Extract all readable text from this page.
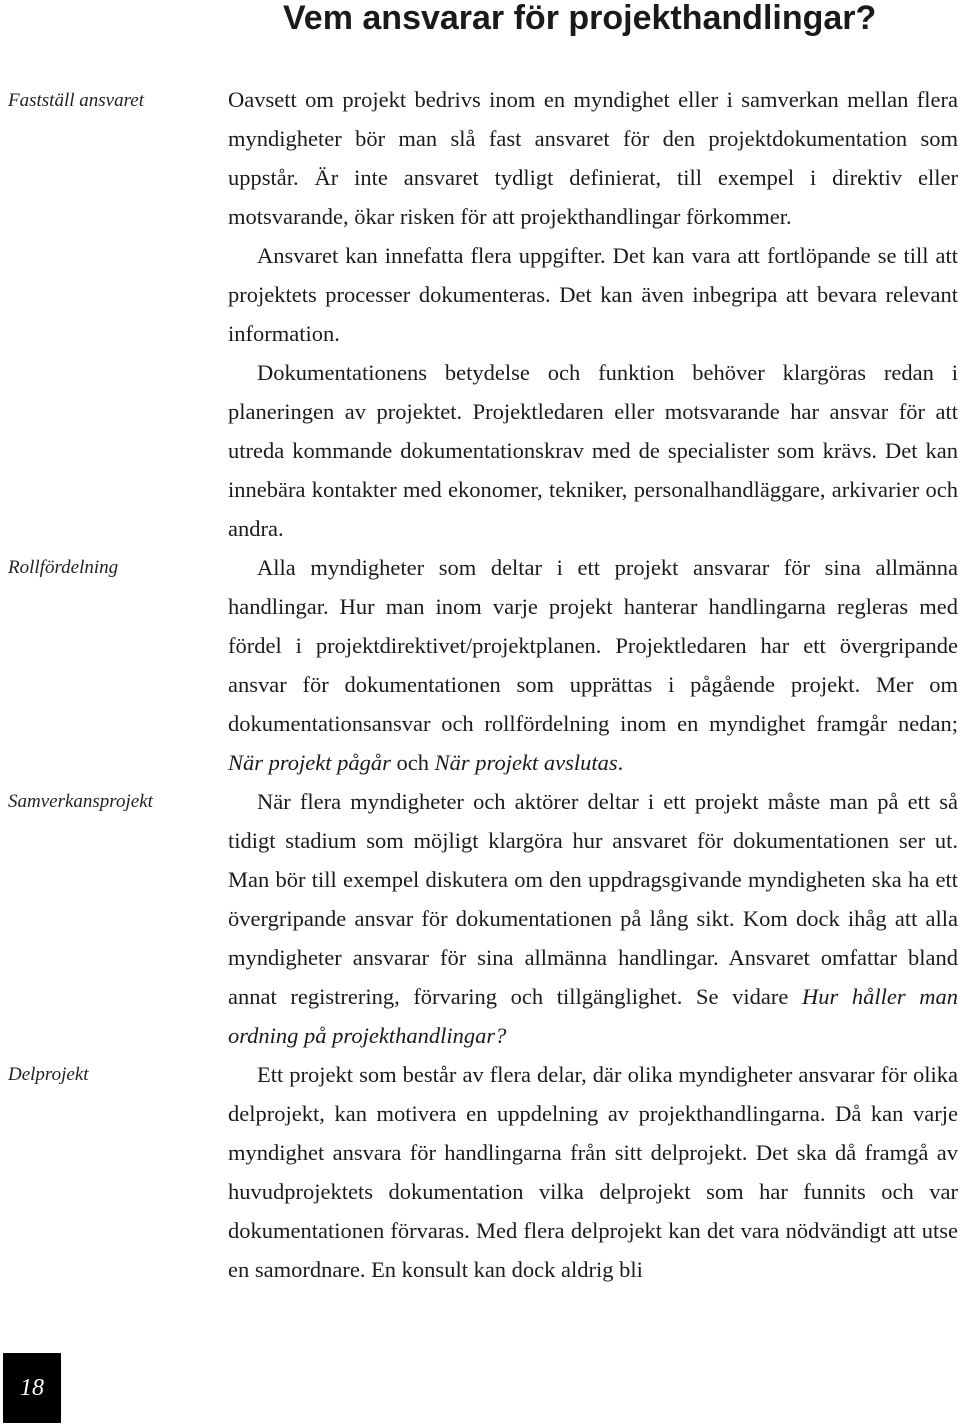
Vem ansvarar för projekthandlingar?
Fastställ ansvaret
Rollfördelning
Samverkansprojekt
Delprojekt

Oavsett om projekt bedrivs inom en myndighet eller i samverkan mellan flera myndigheter bör man slå fast ansvaret för den projektdokumentation som uppstår. Är inte ansvaret tydligt definierat, till exempel i direktiv eller motsvarande, ökar risken för att projekthandlingar förkommer.

Ansvaret kan innefatta flera uppgifter. Det kan vara att fortlöpande se till att projektets processer dokumenteras. Det kan även inbegripa att bevara relevant information.

Dokumentationens betydelse och funktion behöver klargöras redan i planeringen av projektet. Projektledaren eller motsvarande har ansvar för att utreda kommande dokumentationskrav med de specialister som krävs. Det kan innebära kontakter med ekonomer, tekniker, personalhandläggare, arkivarier och andra.

Alla myndigheter som deltar i ett projekt ansvarar för sina allmänna handlingar. Hur man inom varje projekt hanterar handlingarna regleras med fördel i projektdirektivet/projektplanen. Projektledaren har ett övergripande ansvar för dokumentationen som upprättas i pågående projekt. Mer om dokumentationsansvar och rollfördelning inom en myndighet framgår nedan; När projekt pågår och När projekt avslutas.

När flera myndigheter och aktörer deltar i ett projekt måste man på ett så tidigt stadium som möjligt klargöra hur ansvaret för dokumentationen ser ut. Man bör till exempel diskutera om den uppdragsgivande myndigheten ska ha ett övergripande ansvar för dokumentationen på lång sikt. Kom dock ihåg att alla myndigheter ansvarar för sina allmänna handlingar. Ansvaret omfattar bland annat registrering, förvaring och tillgänglighet. Se vidare Hur håller man ordning på projekthandlingar?

Ett projekt som består av flera delar, där olika myndigheter ansvarar för olika delprojekt, kan motivera en uppdelning av projekthandlingarna. Då kan varje myndighet ansvara för handlingarna från sitt delprojekt. Det ska då framgå av huvudprojektets dokumentation vilka delprojekt som har funnits och var dokumentationen förvaras. Med flera delprojekt kan det vara nödvändigt att utse en samordnare. En konsult kan dock aldrig bli

18
